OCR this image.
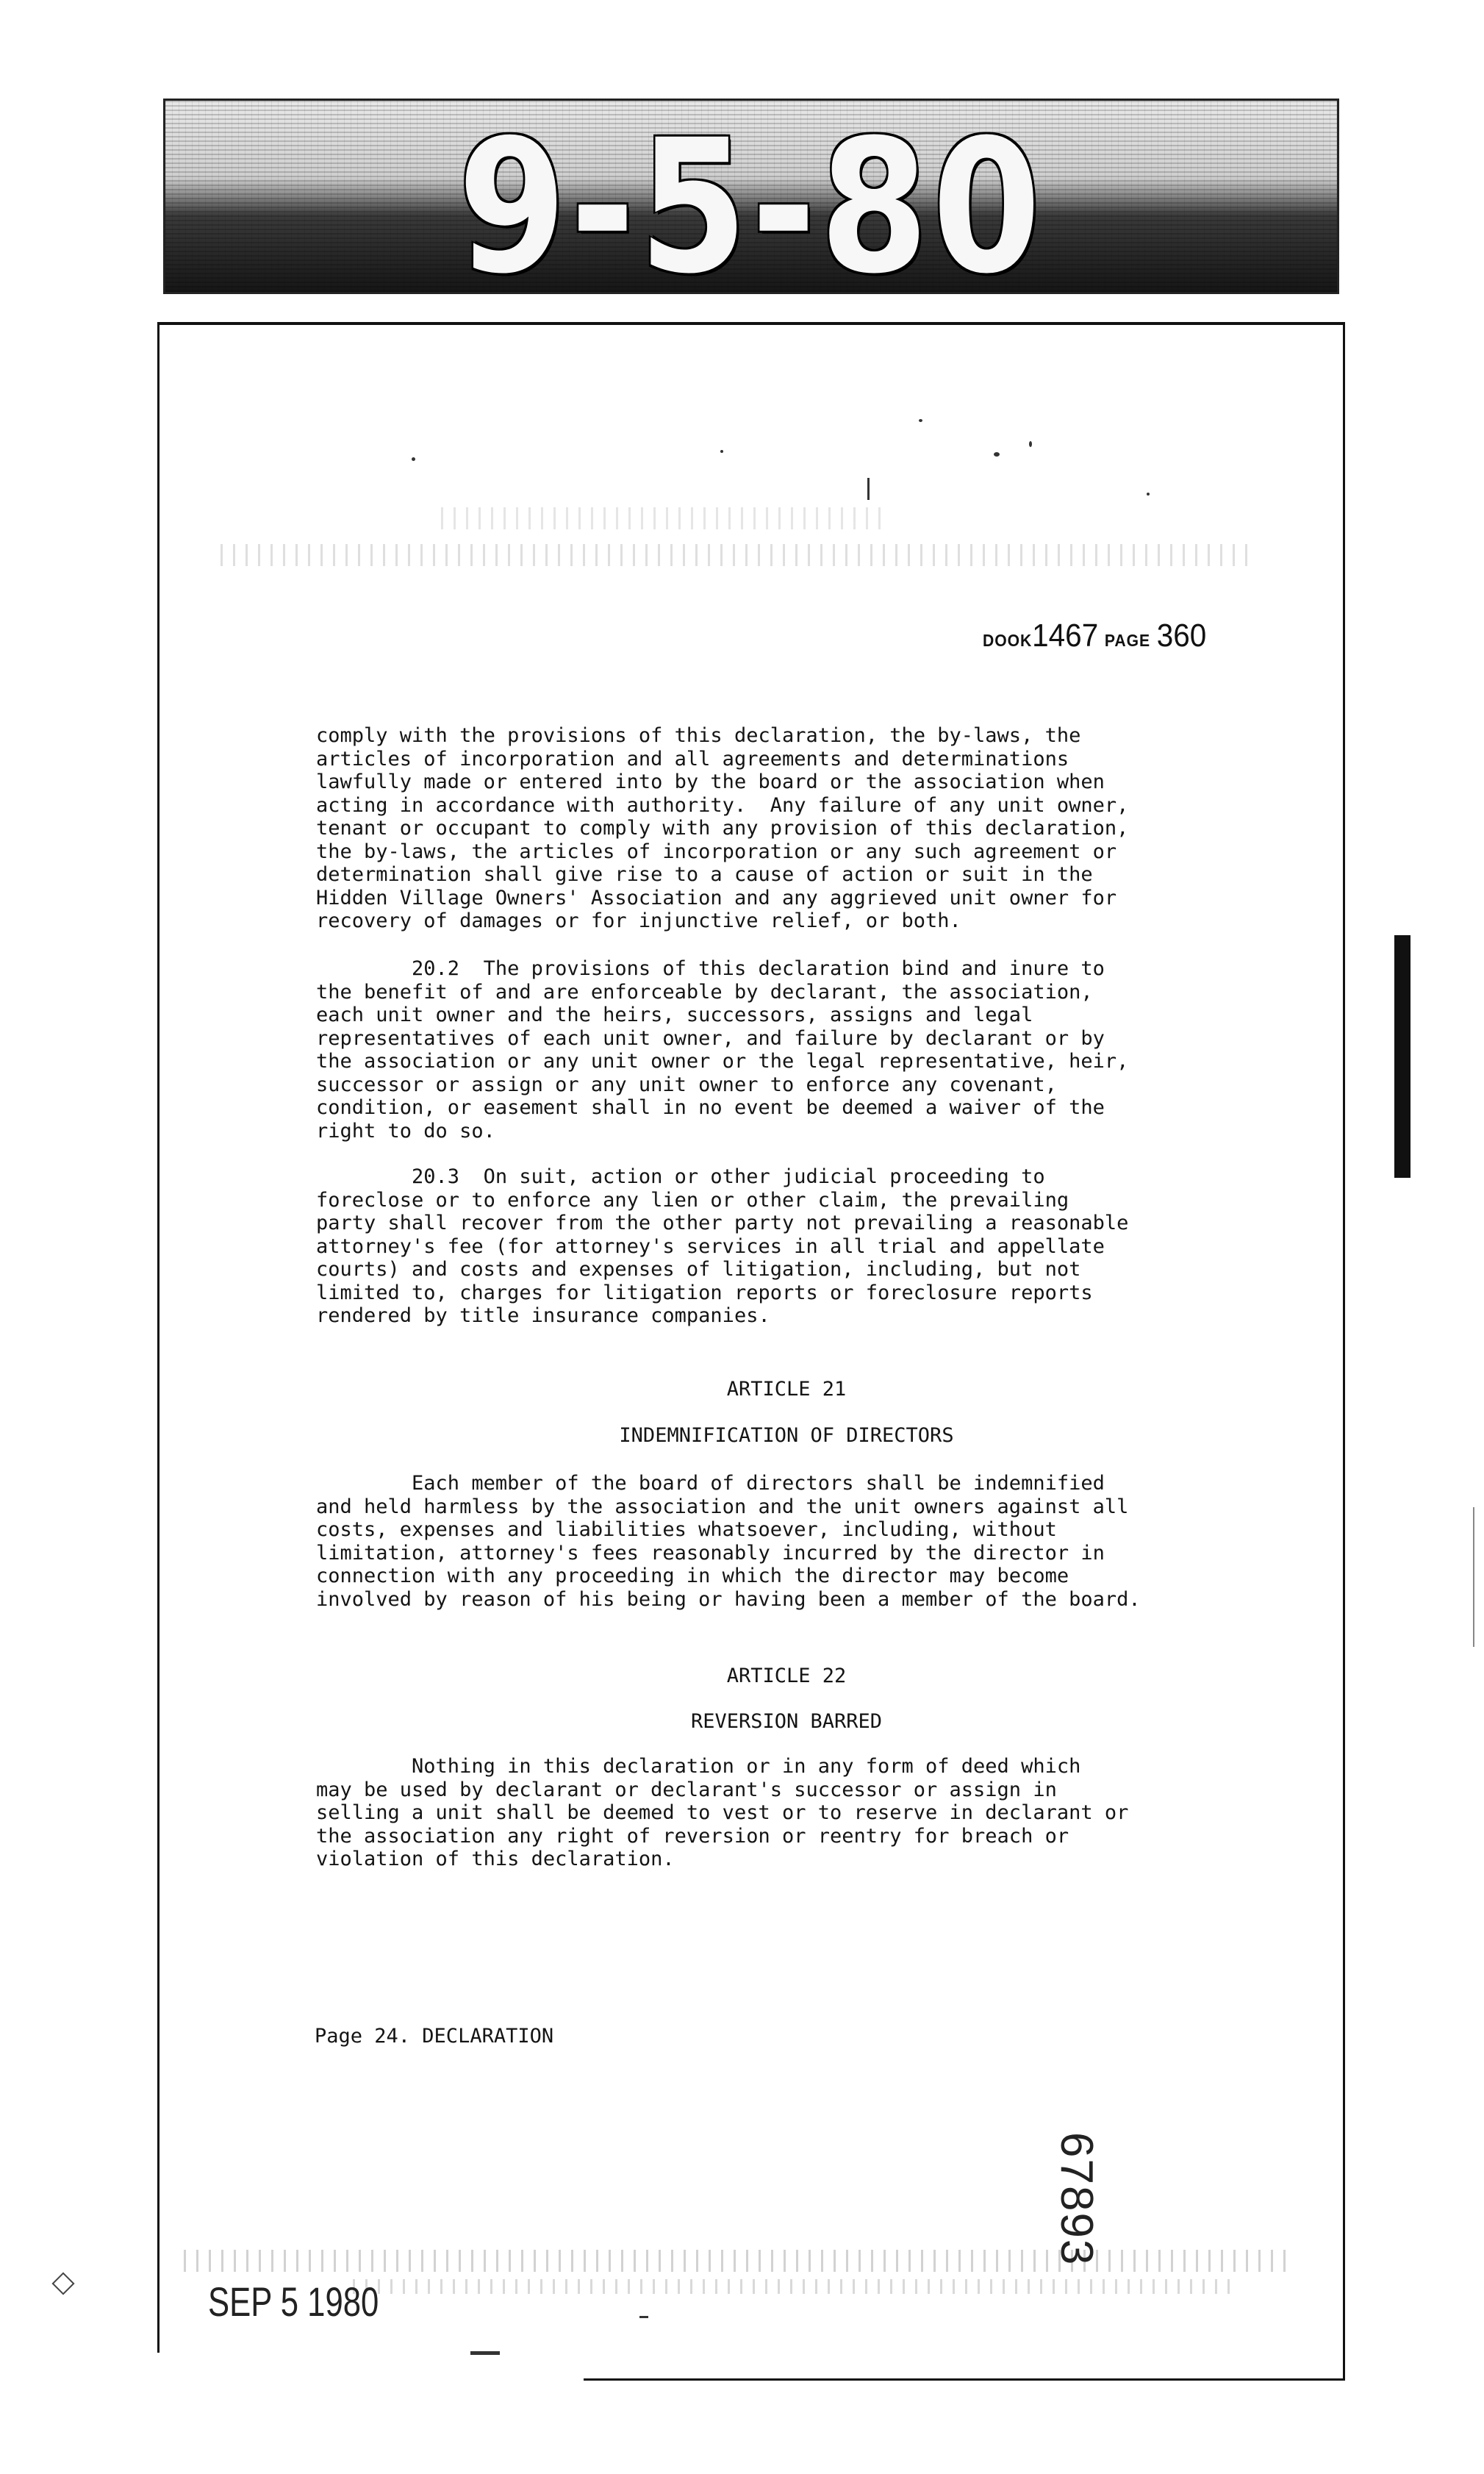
9-5-80
DOOK1467 PAGE 360
comply with the provisions of this declaration, the by-laws, the
articles of incorporation and all agreements and determinations
lawfully made or entered into by the board or the association when
acting in accordance with authority.  Any failure of any unit owner,
tenant or occupant to comply with any provision of this declaration,
the by-laws, the articles of incorporation or any such agreement or
determination shall give rise to a cause of action or suit in the
Hidden Village Owners' Association and any aggrieved unit owner for
recovery of damages or for injunctive relief, or both.
20.2  The provisions of this declaration bind and inure to
the benefit of and are enforceable by declarant, the association,
each unit owner and the heirs, successors, assigns and legal
representatives of each unit owner, and failure by declarant or by
the association or any unit owner or the legal representative, heir,
successor or assign or any unit owner to enforce any covenant,
condition, or easement shall in no event be deemed a waiver of the
right to do so.
20.3  On suit, action or other judicial proceeding to
foreclose or to enforce any lien or other claim, the prevailing
party shall recover from the other party not prevailing a reasonable
attorney's fee (for attorney's services in all trial and appellate
courts) and costs and expenses of litigation, including, but not
limited to, charges for litigation reports or foreclosure reports
rendered by title insurance companies.
ARTICLE 21
INDEMNIFICATION OF DIRECTORS
Each member of the board of directors shall be indemnified
and held harmless by the association and the unit owners against all
costs, expenses and liabilities whatsoever, including, without
limitation, attorney's fees reasonably incurred by the director in
connection with any proceeding in which the director may become
involved by reason of his being or having been a member of the board.
ARTICLE 22
REVERSION BARRED
Nothing in this declaration or in any form of deed which
may be used by declarant or declarant's successor or assign in
selling a unit shall be deemed to vest or to reserve in declarant or
the association any right of reversion or reentry for breach or
violation of this declaration.
Page 24. DECLARATION
67893
SEP 5 1980
